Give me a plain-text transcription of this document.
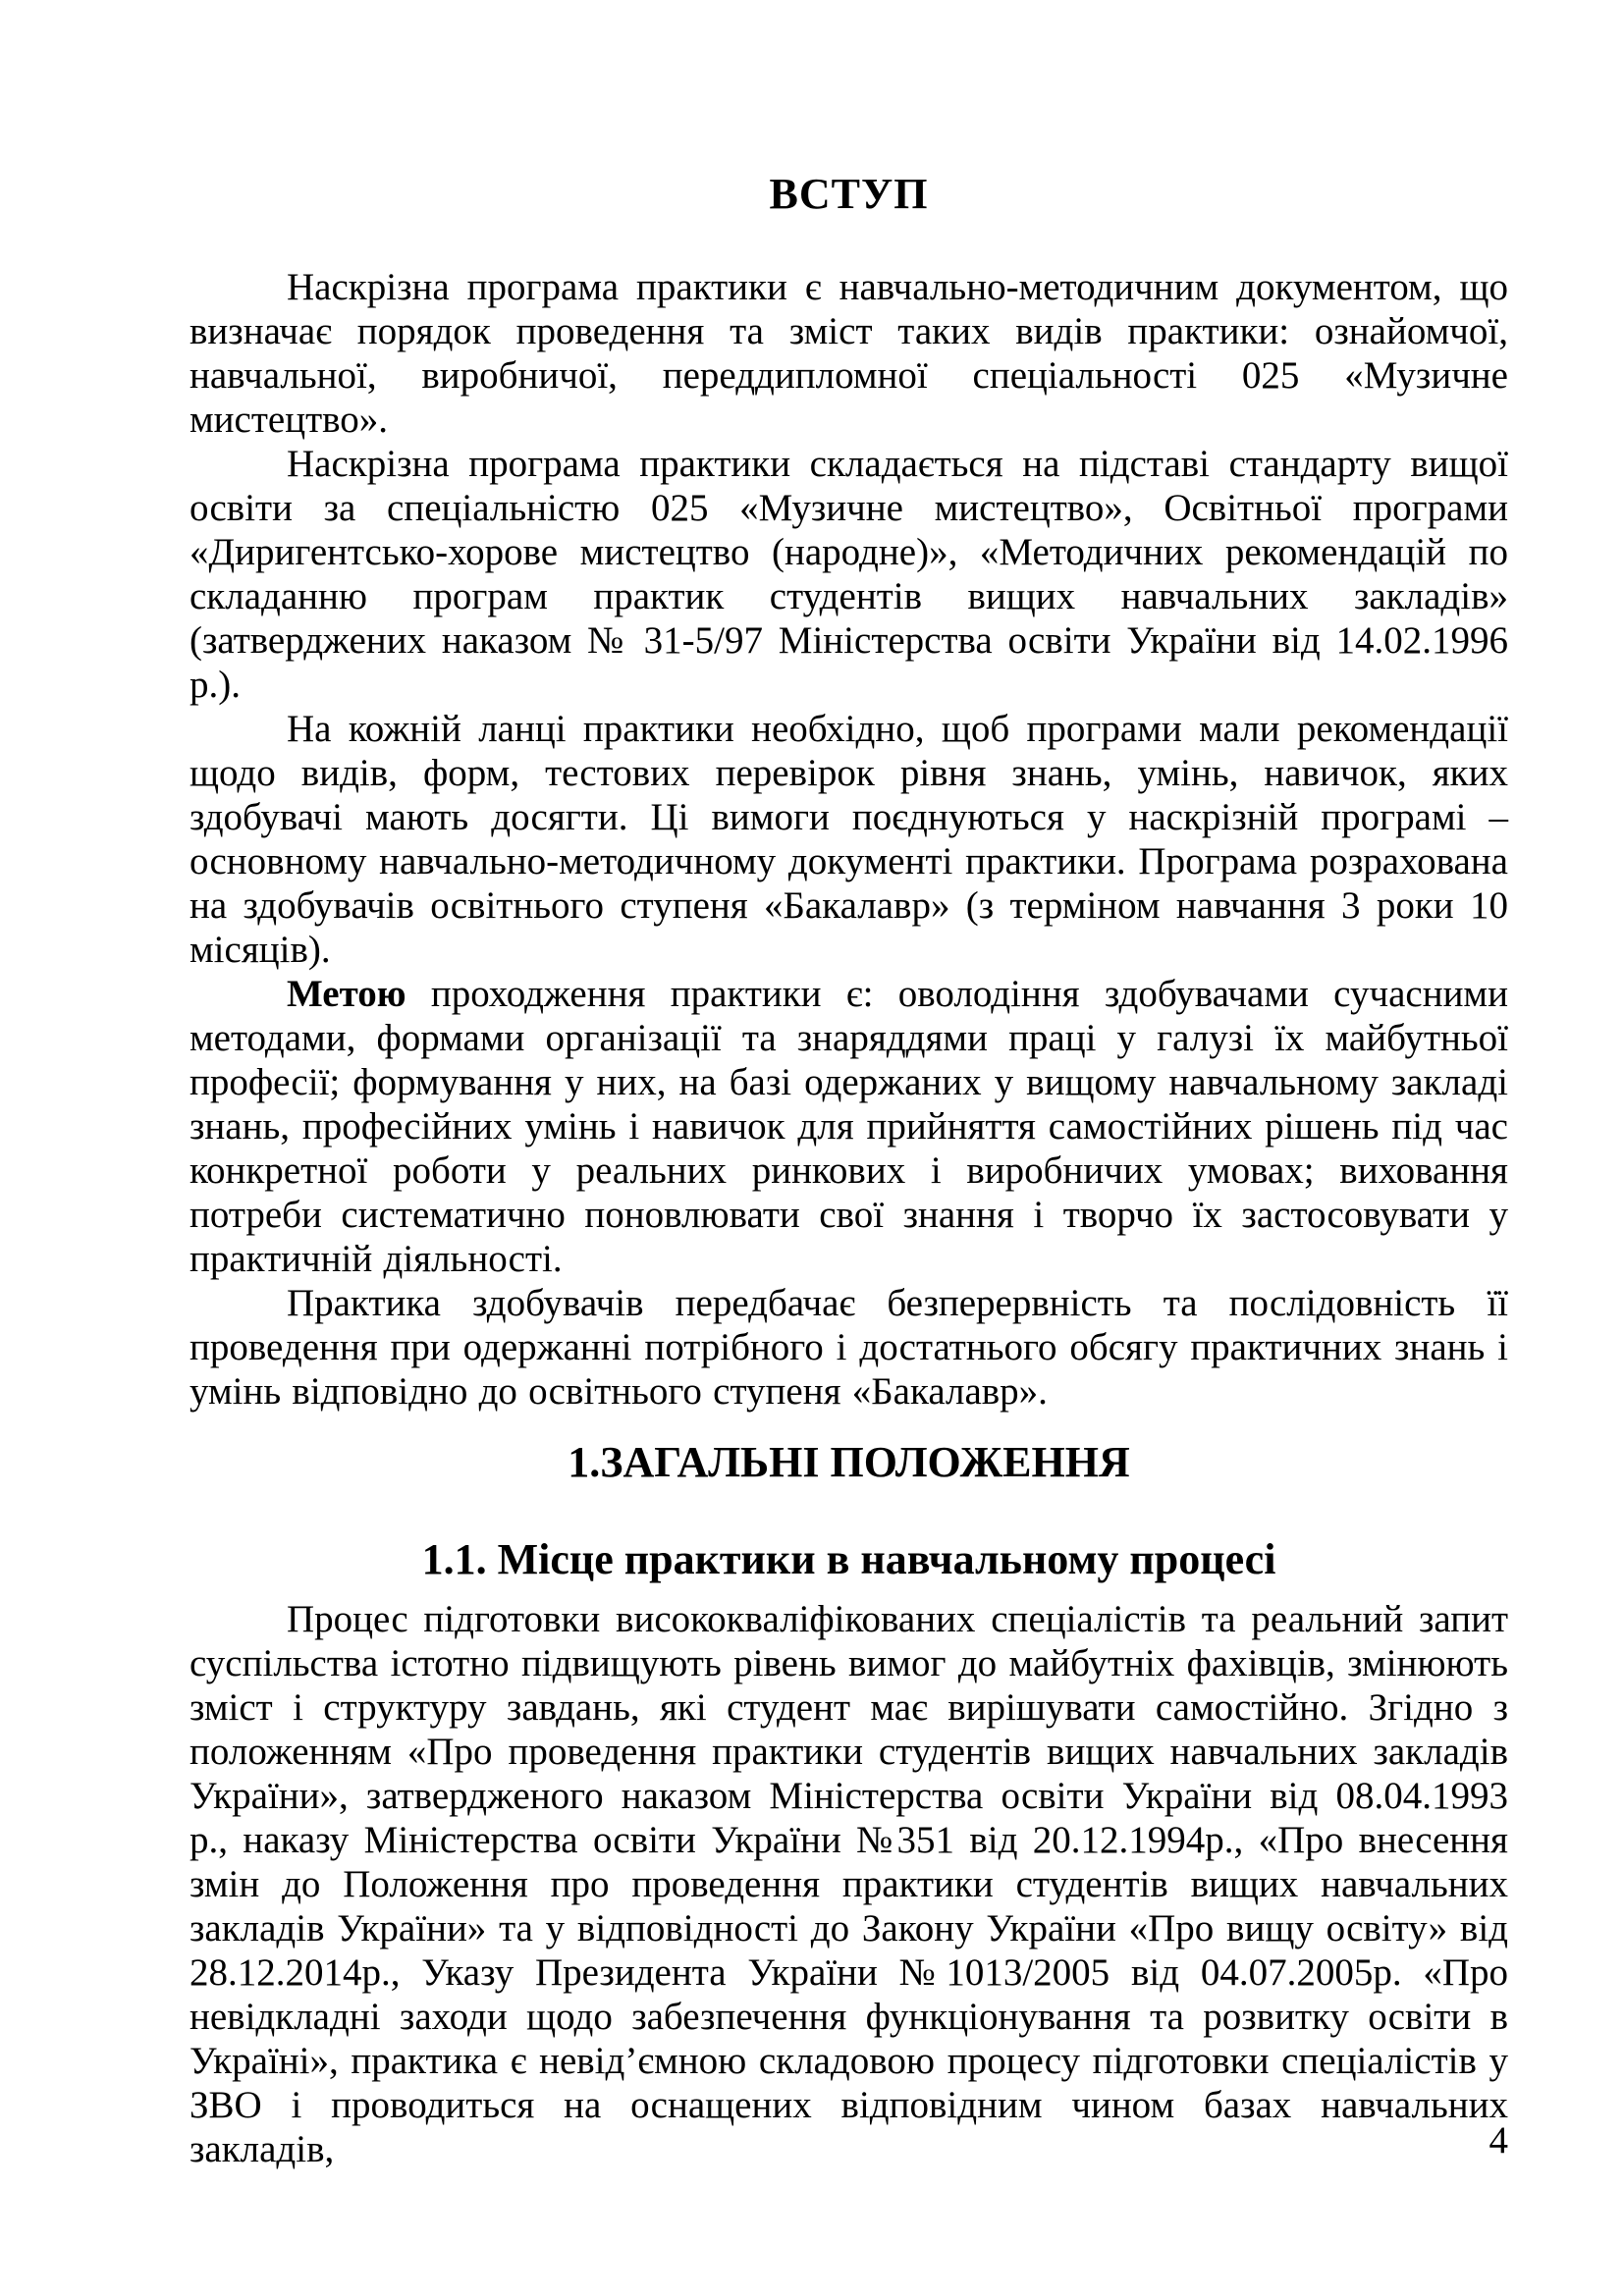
ВСТУП

Наскрізна програма практики є навчально-методичним документом, що визначає порядок проведення та зміст таких видів практики: ознайомчої, навчальної, виробничої, переддипломної спеціальності 025 «Музичне мистецтво».

Наскрізна програма практики складається на підставі стандарту вищої освіти за спеціальністю 025 «Музичне мистецтво», Освітньої програми «Диригентсько-хорове мистецтво (народне)», «Методичних рекомендацій по складанню програм практик студентів вищих навчальних закладів» (затверджених наказом № 31-5/97 Міністерства освіти України від 14.02.1996 р.).

На кожній ланці практики необхідно, щоб програми мали рекомендації щодо видів, форм, тестових перевірок рівня знань, умінь, навичок, яких здобувачі мають досягти. Ці вимоги поєднуються у наскрізній програмі – основному навчально-методичному документі практики. Програма розрахована на здобувачів освітнього ступеня «Бакалавр» (з терміном навчання 3 роки 10 місяців).

Метою проходження практики є: оволодіння здобувачами сучасними методами, формами організації та знаряддями праці у галузі їх майбутньої професії; формування у них, на базі одержаних у вищому навчальному закладі знань, професійних умінь і навичок для прийняття самостійних рішень під час конкретної роботи у реальних ринкових і виробничих умовах; виховання потреби систематично поновлювати свої знання і творчо їх застосовувати у практичній діяльності.

Практика здобувачів передбачає безперервність та послідовність її проведення при одержанні потрібного і достатнього обсягу практичних знань і умінь відповідно до освітнього ступеня «Бакалавр».

1.ЗАГАЛЬНІ ПОЛОЖЕННЯ
1.1. Місце практики в навчальному процесі

Процес підготовки висококваліфікованих спеціалістів та реальний запит суспільства істотно підвищують рівень вимог до майбутніх фахівців, змінюють зміст і структуру завдань, які студент має вирішувати самостійно. Згідно з положенням «Про проведення практики студентів вищих навчальних закладів України», затвердженого наказом Міністерства освіти України від 08.04.1993 р., наказу Міністерства освіти України №351 від 20.12.1994р., «Про внесення змін до Положення про проведення практики студентів вищих навчальних закладів України» та у відповідності до Закону України «Про вищу освіту» від 28.12.2014р., Указу Президента України №1013/2005 від 04.07.2005р. «Про невідкладні заходи щодо забезпечення функціонування та розвитку освіти в Україні», практика є невід’ємною складовою процесу підготовки спеціалістів у ЗВО і проводиться на оснащених відповідним чином базах навчальних закладів,	4
